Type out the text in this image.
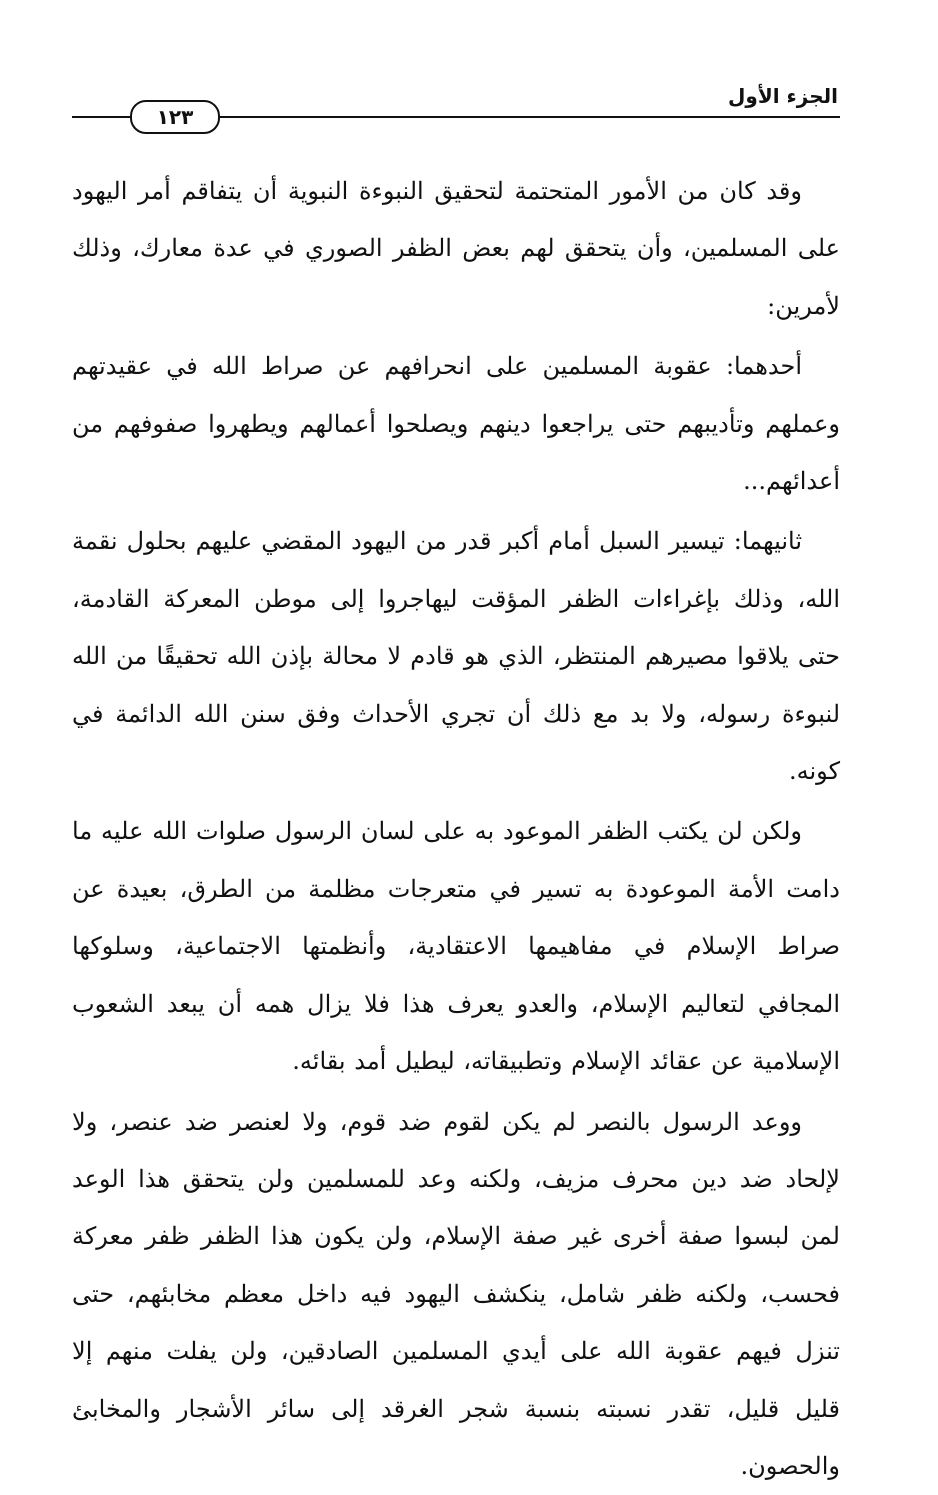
الجزء الأول
١٢٣

وقد كان من الأمور المتحتمة لتحقيق النبوءة النبوية أن يتفاقم أمر اليهود على المسلمين، وأن يتحقق لهم بعض الظفر الصوري في عدة معارك، وذلك لأمرين:

أحدهما: عقوبة المسلمين على انحرافهم عن صراط الله في عقيدتهم وعملهم وتأديبهم حتى يراجعوا دينهم ويصلحوا أعمالهم ويطهروا صفوفهم من أعدائهم...

ثانيهما: تيسير السبل أمام أكبر قدر من اليهود المقضي عليهم بحلول نقمة الله، وذلك بإغراءات الظفر المؤقت ليهاجروا إلى موطن المعركة القادمة، حتى يلاقوا مصيرهم المنتظر، الذي هو قادم لا محالة بإذن الله تحقيقًا من الله لنبوءة رسوله، ولا بد مع ذلك أن تجري الأحداث وفق سنن الله الدائمة في كونه.

ولكن لن يكتب الظفر الموعود به على لسان الرسول صلوات الله عليه ما دامت الأمة الموعودة به تسير في متعرجات مظلمة من الطرق، بعيدة عن صراط الإسلام في مفاهيمها الاعتقادية، وأنظمتها الاجتماعية، وسلوكها المجافي لتعاليم الإسلام، والعدو يعرف هذا فلا يزال همه أن يبعد الشعوب الإسلامية عن عقائد الإسلام وتطبيقاته، ليطيل أمد بقائه.

ووعد الرسول بالنصر لم يكن لقوم ضد قوم، ولا لعنصر ضد عنصر، ولا لإلحاد ضد دين محرف مزيف، ولكنه وعد للمسلمين ولن يتحقق هذا الوعد لمن لبسوا صفة أخرى غير صفة الإسلام، ولن يكون هذا الظفر ظفر معركة فحسب، ولكنه ظفر شامل، ينكشف اليهود فيه داخل معظم مخابئهم، حتى تنزل فيهم عقوبة الله على أيدي المسلمين الصادقين، ولن يفلت منهم إلا قليل قليل، تقدر نسبته بنسبة شجر الغرقد إلى سائر الأشجار والمخابئ والحصون.
